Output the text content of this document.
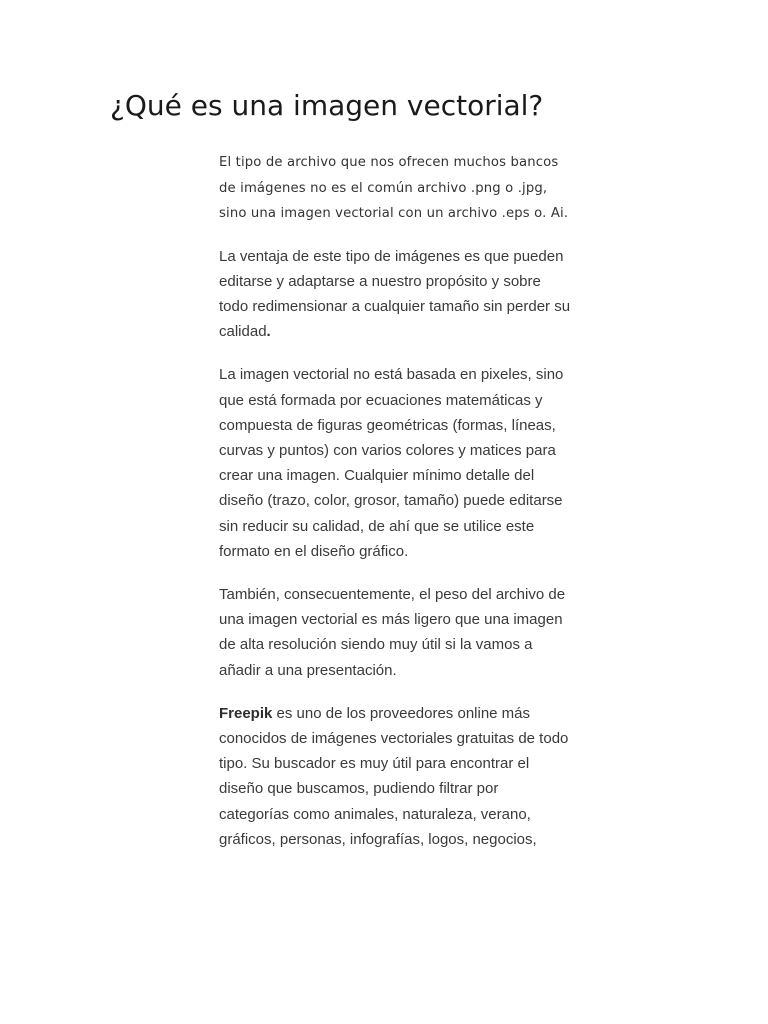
¿Qué es una imagen vectorial?

El tipo de archivo que nos ofrecen muchos bancos de imágenes no es el común archivo .png o .jpg, sino una imagen vectorial con un archivo .eps o. Ai.

La ventaja de este tipo de imágenes es que pueden editarse y adaptarse a nuestro propósito y sobre todo redimensionar a cualquier tamaño sin perder su calidad.

La imagen vectorial no está basada en pixeles, sino que está formada por ecuaciones matemáticas y compuesta de figuras geométricas (formas, líneas, curvas y puntos) con varios colores y matices para crear una imagen. Cualquier mínimo detalle del diseño (trazo, color, grosor, tamaño) puede editarse sin reducir su calidad, de ahí que se utilice este formato en el diseño gráfico.

También, consecuentemente, el peso del archivo de una imagen vectorial es más ligero que una imagen de alta resolución siendo muy útil si la vamos a añadir a una presentación.

Freepik es uno de los proveedores online más conocidos de imágenes vectoriales gratuitas de todo tipo. Su buscador es muy útil para encontrar el diseño que buscamos, pudiendo filtrar por categorías como animales, naturaleza, verano, gráficos, personas, infografías, logos, negocios,
